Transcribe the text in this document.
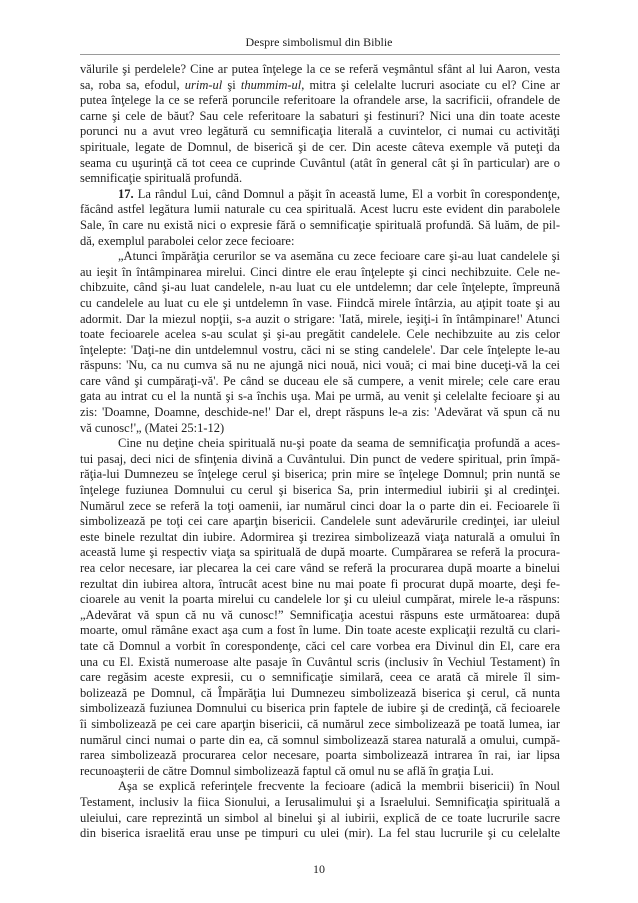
Despre simbolismul din Biblie
vălurile şi perdelele? Cine ar putea înţelege la ce se referă veşmântul sfânt al lui Aaron, vesta
sa, roba sa, efodul, urim-ul şi thummim-ul, mitra şi celelalte lucruri asociate cu el? Cine ar
putea înţelege la ce se referă poruncile referitoare la ofrandele arse, la sacrificii, ofrandele de
carne şi cele de băut? Sau cele referitoare la sabaturi şi festinuri? Nici una din toate aceste
porunci nu a avut vreo legătură cu semnificaţia literală a cuvintelor, ci numai cu activităţi
spirituale, legate de Domnul, de biserică şi de cer. Din aceste câteva exemple vă puteţi da
seama cu uşurinţă că tot ceea ce cuprinde Cuvântul (atât în general cât şi în particular) are o
semnificaţie spirituală profundă.
17. La rândul Lui, când Domnul a păşit în această lume, El a vorbit în corespondenţe,
făcând astfel legătura lumii naturale cu cea spirituală. Acest lucru este evident din parabolele
Sale, în care nu există nici o expresie fără o semnificaţie spirituală profundă. Să luăm, de pil-
dă, exemplul parabolei celor zece fecioare:
„Atunci împărăţia cerurilor se va asemăna cu zece fecioare care şi-au luat candelele şi
au ieşit în întâmpinarea mirelui. Cinci dintre ele erau înţelepte şi cinci nechibzuite. Cele ne-
chibzuite, când şi-au luat candelele, n-au luat cu ele untdelemn; dar cele înţelepte, împreună
cu candelele au luat cu ele şi untdelemn în vase. Fiindcă mirele întârzia, au aţipit toate şi au
adormit. Dar la miezul nopţii, s-a auzit o strigare: 'Iată, mirele, ieşiţi-i în întâmpinare!' Atunci
toate fecioarele acelea s-au sculat şi şi-au pregătit candelele. Cele nechibzuite au zis celor
înţelepte: 'Daţi-ne din untdelemnul vostru, căci ni se sting candelele'. Dar cele înţelepte le-au
răspuns: 'Nu, ca nu cumva să nu ne ajungă nici nouă, nici vouă; ci mai bine duceţi-vă la cei
care vând şi cumpăraţi-vă'. Pe când se duceau ele să cumpere, a venit mirele; cele care erau
gata au intrat cu el la nuntă şi s-a închis uşa. Mai pe urmă, au venit şi celelalte fecioare şi au
zis: 'Doamne, Doamne, deschide-ne!' Dar el, drept răspuns le-a zis: 'Adevărat vă spun că nu
vă cunosc!'„ (Matei 25:1-12)
Cine nu deţine cheia spirituală nu-şi poate da seama de semnificaţia profundă a aces-
tui pasaj, deci nici de sfinţenia divină a Cuvântului. Din punct de vedere spiritual, prin împă-
răţia-lui Dumnezeu se înţelege cerul şi biserica; prin mire se înţelege Domnul; prin nuntă se
înţelege fuziunea Domnului cu cerul şi biserica Sa, prin intermediul iubirii şi al credinţei.
Numărul zece se referă la toţi oamenii, iar numărul cinci doar la o parte din ei. Fecioarele îi
simbolizează pe toţi cei care aparţin bisericii. Candelele sunt adevărurile credinţei, iar uleiul
este binele rezultat din iubire. Adormirea şi trezirea simbolizează viaţa naturală a omului în
această lume şi respectiv viaţa sa spirituală de după moarte. Cumpărarea se referă la procura-
rea celor necesare, iar plecarea la cei care vând se referă la procurarea după moarte a binelui
rezultat din iubirea altora, întrucât acest bine nu mai poate fi procurat după moarte, deşi fe-
cioarele au venit la poarta mirelui cu candelele lor şi cu uleiul cumpărat, mirele le-a răspuns:
„Adevărat vă spun că nu vă cunosc!” Semnificaţia acestui răspuns este următoarea: după
moarte, omul rămâne exact aşa cum a fost în lume. Din toate aceste explicaţii rezultă cu clari-
tate că Domnul a vorbit în corespondenţe, căci cel care vorbea era Divinul din El, care era
una cu El. Există numeroase alte pasaje în Cuvântul scris (inclusiv în Vechiul Testament) în
care regăsim aceste expresii, cu o semnificaţie similară, ceea ce arată că mirele îl sim-
bolizează pe Domnul, că Împărăţia lui Dumnezeu simbolizează biserica şi cerul, că nunta
simbolizează fuziunea Domnului cu biserica prin faptele de iubire şi de credinţă, că fecioarele
îi simbolizează pe cei care aparţin bisericii, că numărul zece simbolizează pe toată lumea, iar
numărul cinci numai o parte din ea, că somnul simbolizează starea naturală a omului, cumpă-
rarea simbolizează procurarea celor necesare, poarta simbolizează intrarea în rai, iar lipsa
recunoaşterii de către Domnul simbolizează faptul că omul nu se află în graţia Lui.
Aşa se explică referinţele frecvente la fecioare (adică la membrii bisericii) în Noul
Testament, inclusiv la fiica Sionului, a Ierusalimului şi a Israelului. Semnificaţia spirituală a
uleiului, care reprezintă un simbol al binelui şi al iubirii, explică de ce toate lucrurile sacre
din biserica israelită erau unse pe timpuri cu ulei (mir). La fel stau lucrurile şi cu celelalte
10
